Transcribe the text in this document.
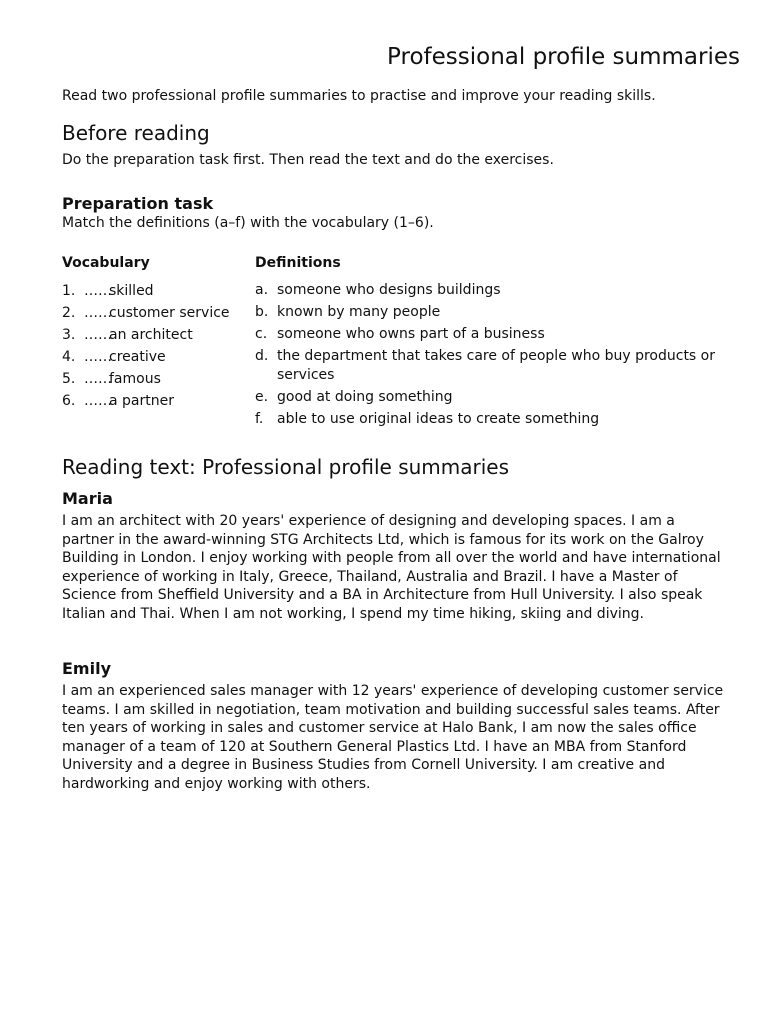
Professional profile summaries

Read two professional profile summaries to practise and improve your reading skills.

Before reading

Do the preparation task first. Then read the text and do the exercises.

Preparation task

Match the definitions (a–f) with the vocabulary (1–6).

Vocabulary	Definitions
1. ……
skilled
2. ……
customer service
3. ……
an architect
4. ……
creative
5. ……
famous
6. ……
a partner
a. someone who designs buildings
b. known by many people
c. someone who owns part of a business
d. the department that takes care of people who buy products or services
e. good at doing something
f. able to use original ideas to create something
Reading text: Professional profile summaries
Maria
I am an architect with 20 years' experience of designing and developing spaces. I am a
partner in the award-winning STG Architects Ltd, which is famous for its work on the Galroy
Building in London. I enjoy working with people from all over the world and have international
experience of working in Italy, Greece, Thailand, Australia and Brazil. I have a Master of
Science from Sheffield University and a BA in Architecture from Hull University. I also speak
Italian and Thai. When I am not working, I spend my time hiking, skiing and diving.
Emily
I am an experienced sales manager with 12 years' experience of developing customer service
teams. I am skilled in negotiation, team motivation and building successful sales teams. After
ten years of working in sales and customer service at Halo Bank, I am now the sales office
manager of a team of 120 at Southern General Plastics Ltd. I have an MBA from Stanford
University and a degree in Business Studies from Cornell University. I am creative and
hardworking and enjoy working with others.
